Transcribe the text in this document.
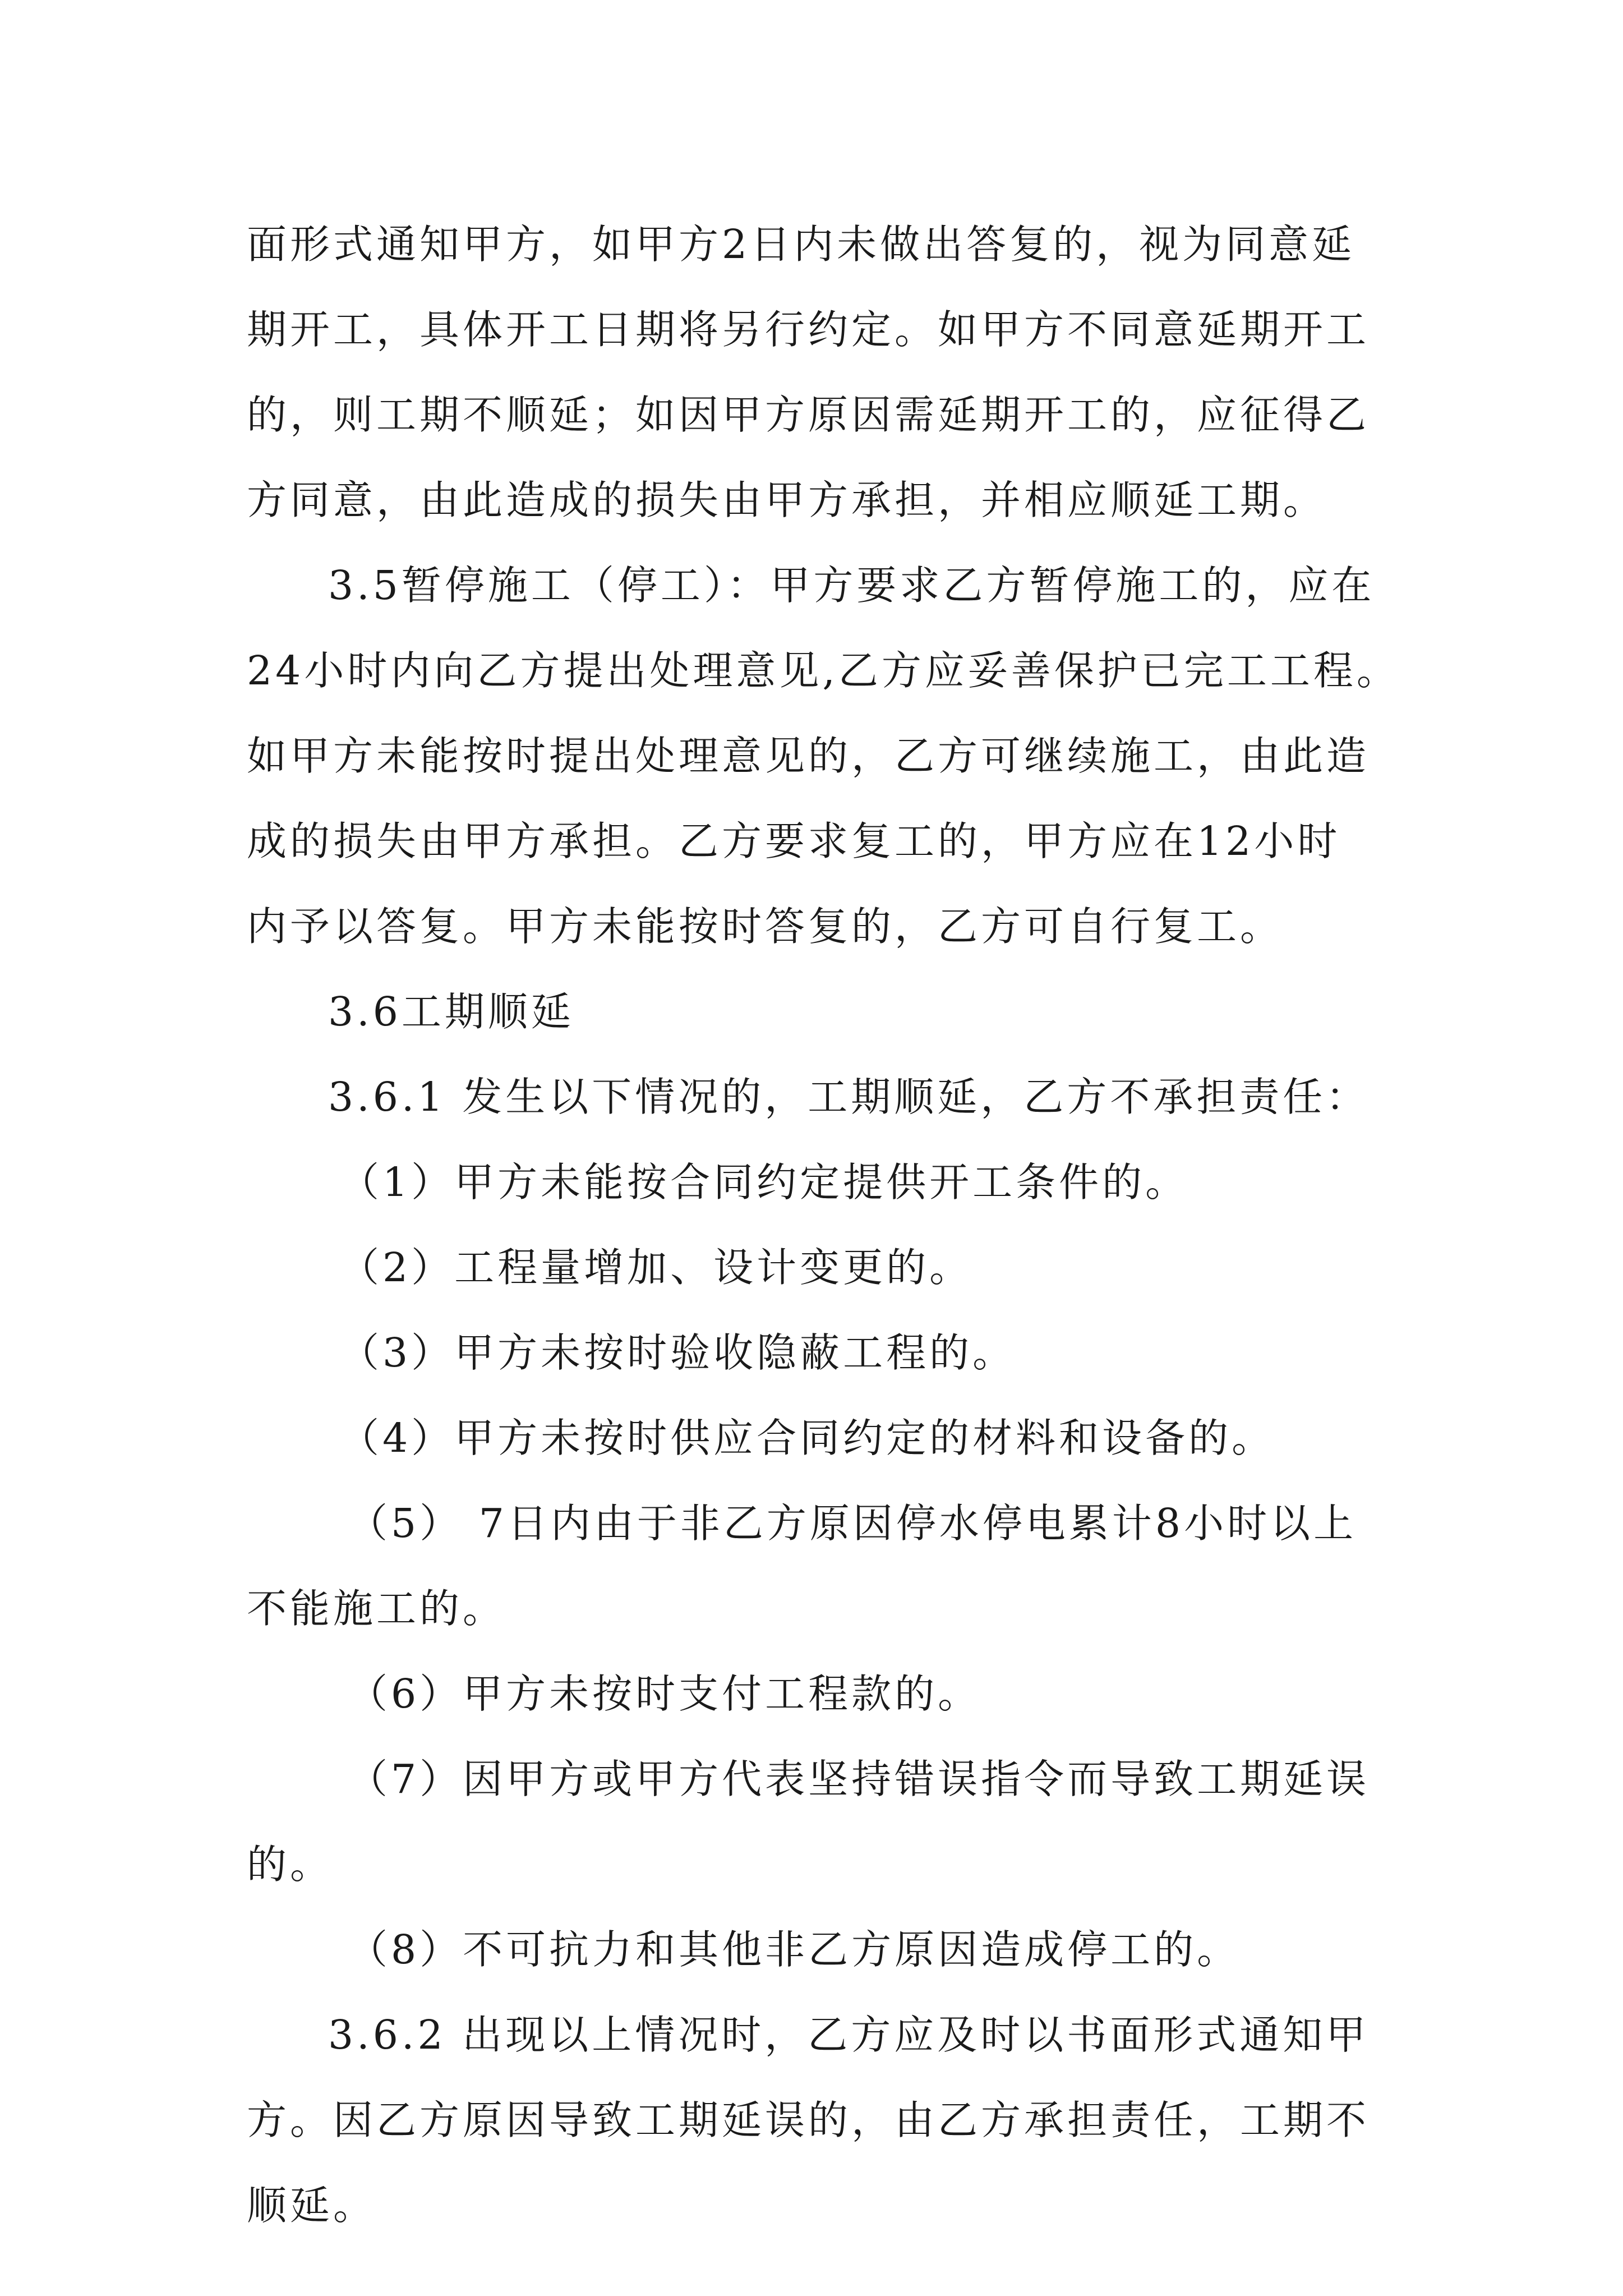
面形式通知甲方，如甲方2日内未做出答复的，视为同意延
期开工，具体开工日期将另行约定。如甲方不同意延期开工
的，则工期不顺延；如因甲方原因需延期开工的，应征得乙
方同意，由此造成的损失由甲方承担，并相应顺延工期。
3.5暂停施工（停工）：甲方要求乙方暂停施工的，应在
24小时内向乙方提出处理意见,乙方应妥善保护已完工工程。
如甲方未能按时提出处理意见的，乙方可继续施工，由此造
成的损失由甲方承担。乙方要求复工的，甲方应在12小时
内予以答复。甲方未能按时答复的，乙方可自行复工。
3.6工期顺延
3.6.1 发生以下情况的，工期顺延，乙方不承担责任：
（1）甲方未能按合同约定提供开工条件的。
（2）工程量增加、设计变更的。
（3）甲方未按时验收隐蔽工程的。
（4）甲方未按时供应合同约定的材料和设备的。
（5） 7日内由于非乙方原因停水停电累计8小时以上
不能施工的。
（6）甲方未按时支付工程款的。
（7）因甲方或甲方代表坚持错误指令而导致工期延误
的。
（8）不可抗力和其他非乙方原因造成停工的。
3.6.2 出现以上情况时，乙方应及时以书面形式通知甲
方。因乙方原因导致工期延误的，由乙方承担责任，工期不
顺延。
